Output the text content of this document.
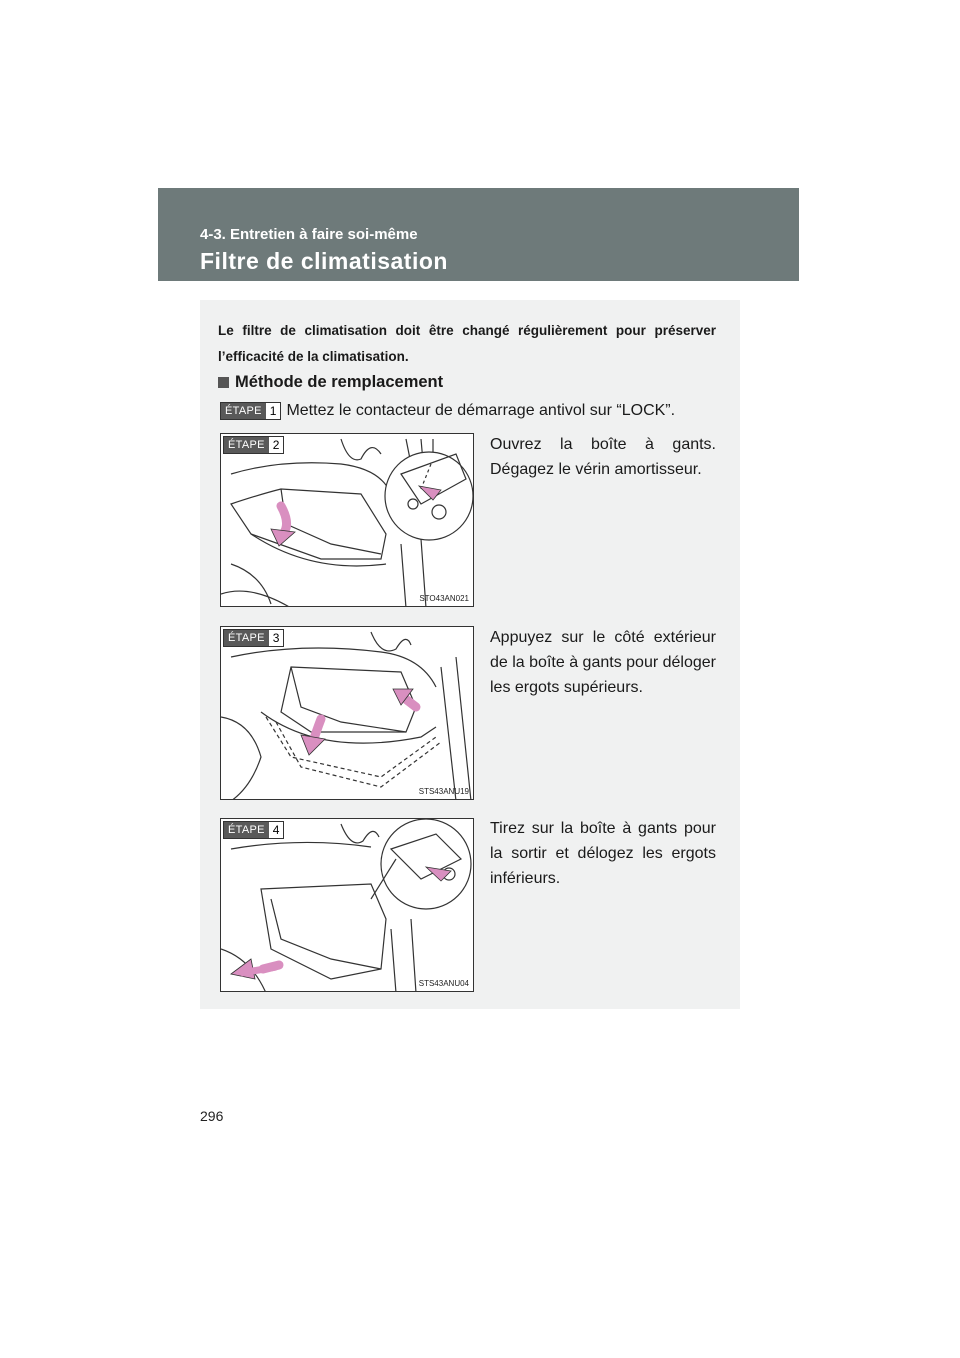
4-3. Entretien à faire soi-même
Filtre de climatisation
Le filtre de climatisation doit être changé régulièrement pour préserver l’efficacité de la climatisation.
Méthode de remplacement
ÉTAPE 1 Mettez le contacteur de démarrage antivol sur “LOCK”.
ÉTAPE 2
STO43AN021
Ouvrez la boîte à gants. Dégagez le vérin amortisseur.
ÉTAPE 3
STS43ANU19
Appuyez sur le côté extérieur de la boîte à gants pour déloger les ergots supérieurs.
ÉTAPE 4
STS43ANU04
Tirez sur la boîte à gants pour la sortir et délogez les ergots inférieurs.
296
